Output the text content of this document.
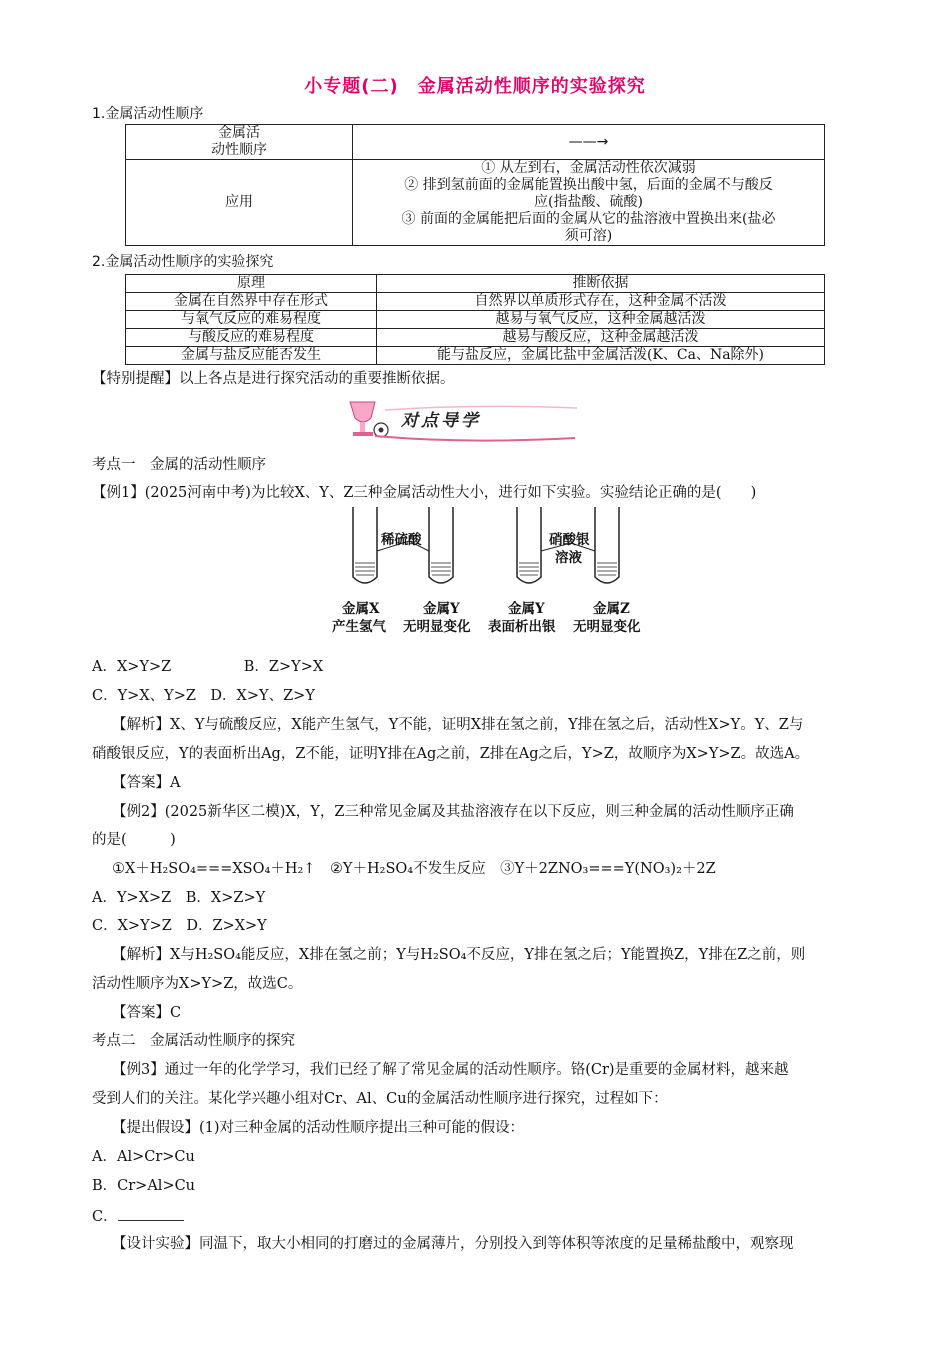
小专题(二)　金属活动性顺序的实验探究
1.金属活动性顺序
金属活
动性顺序	——→
应用	① 从左到右，金属活动性依次减弱
② 排到氢前面的金属能置换出酸中氢，后面的金属不与酸反
应(指盐酸、硫酸)
③ 前面的金属能把后面的金属从它的盐溶液中置换出来(盐必
须可溶)
2.金属活动性顺序的实验探究
原理	推断依据
金属在自然界中存在形式	自然界以单质形式存在，这种金属不活泼
与氧气反应的难易程度	越易与氧气反应，这种金属越活泼
与酸反应的难易程度	越易与酸反应，这种金属越活泼
金属与盐反应能否发生	能与盐反应，金属比盐中金属活泼(K、Ca、Na除外)
【特别提醒】以上各点是进行探究活动的重要推断依据。
对点导学
考点一　金属的活动性顺序
【例1】(2025河南中考)为比较X、Y、Z三种金属活动性大小，进行如下实验。实验结论正确的是(　　)
稀硫酸	硝酸银
溶液
金属X	金属Y	金属Y	金属Z
产生氢气 无明显变化 表面析出银 无明显变化
A．X>Y>Z　　　　　B．Z>Y>X
C．Y>X、Y>Z　D．X>Y、Z>Y
【解析】X、Y与硫酸反应，X能产生氢气，Y不能，证明X排在氢之前，Y排在氢之后，活动性X>Y。Y、Z与
硝酸银反应，Y的表面析出Ag，Z不能，证明Y排在Ag之前，Z排在Ag之后，Y>Z，故顺序为X>Y>Z。故选A。
【答案】A
【例2】(2025新华区二模)X，Y，Z三种常见金属及其盐溶液存在以下反应，则三种金属的活动性顺序正确
的是(　　　)
①X＋H₂SO₄===XSO₄＋H₂↑　②Y＋H₂SO₄不发生反应　③Y＋2ZNO₃===Y(NO₃)₂＋2Z
A．Y>X>Z　B．X>Z>Y
C．X>Y>Z　D．Z>X>Y
【解析】X与H₂SO₄能反应，X排在氢之前；Y与H₂SO₄不反应，Y排在氢之后；Y能置换Z，Y排在Z之前，则
活动性顺序为X>Y>Z，故选C。
【答案】C
考点二　金属活动性顺序的探究
【例3】通过一年的化学学习，我们已经了解了常见金属的活动性顺序。铬(Cr)是重要的金属材料，越来越
受到人们的关注。某化学兴趣小组对Cr、Al、Cu的金属活动性顺序进行探究，过程如下：
【提出假设】(1)对三种金属的活动性顺序提出三种可能的假设：
A．Al>Cr>Cu
B．Cr>Al>Cu
C．
【设计实验】同温下，取大小相同的打磨过的金属薄片，分别投入到等体积等浓度的足量稀盐酸中，观察现
